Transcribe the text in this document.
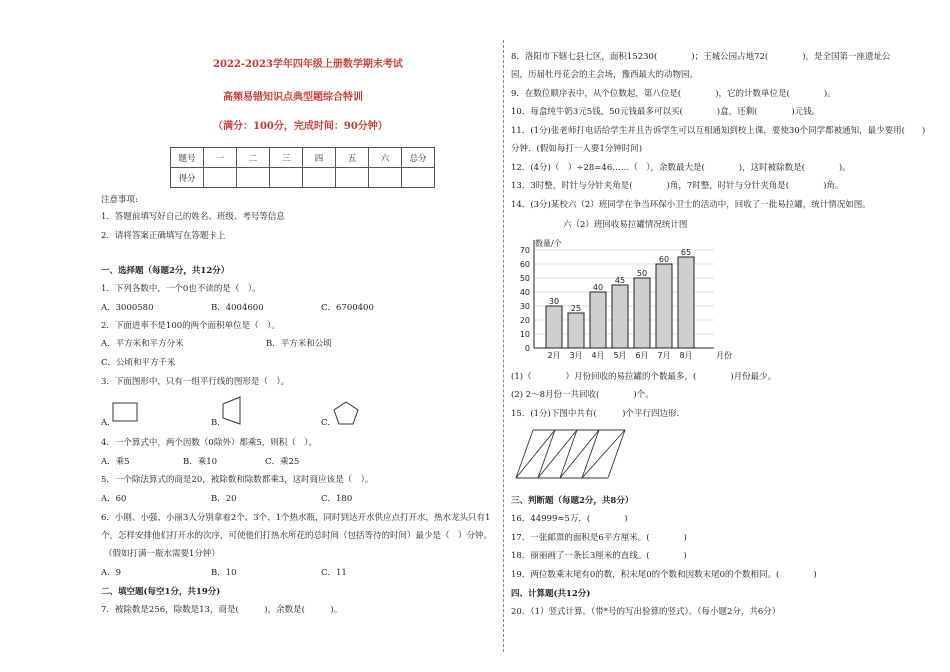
2022-2023学年四年级上册数学期末考试
高频易错知识点典型题综合特训
（满分：100分，完成时间：90分钟）
题号	一	二	三	四	五	六	总分
得分							
注意事项:
1．答题前填写好自己的姓名、班级、考号等信息
2．请将答案正确填写在答题卡上
一、选择题（每题2分，共12分）
1．下列各数中，一个0也不读的是（　）。
A．3000580	B．4004600	C．6700400
2．下面进率不是100的两个面积单位是（　）。
A．平方米和平方分米	B．平方米和公顷
C．公顷和平方千米
3．下面图形中，只有一组平行线的图形是（　）。
A．	B．	C．
4．一个算式中，两个因数（0除外）都乘5，则积（　）。
A．乘5	B．乘10	C．乘25
5．一个除法算式的商是20，被除数和除数都乘3，这时商应该是（　）。
A．60	B．20	C．180
6．小刚、小强、小丽3人分别拿着2个、3个、1个热水瓶，同时到达开水供应点打开水，热水龙头只有1
个，怎样安排他们打开水的次序，可使他们打热水所花的总时间（包括等待的时间）最少是（　）分钟。
（假如打满一瓶水需要1分钟）
A．9	B．10	C．11
二、填空题(每空1分，共19分)
7．被除数是256，除数是13，商是(　　　)，余数是(　　　)。
8．洛阳市下辖七县七区，面积15230(　　　　)；王城公园占地72(　　　　)，是全国第一座遗址公
园，历届牡丹花会的主会场，豫西最大的动物园。
9．在数位顺序表中，从个位数起，第八位是(　　　　)，它的计数单位是(　　　　)。
10．每盒纯牛奶3元5钱，50元钱最多可以买(　　　　)盒，还剩(　　　　)元钱。
11．(1分)张老师打电话给学生并且告诉学生可以互相通知到校上课，要使30个同学都被通知，最少要用(　　)
分钟．(假如每打一人要1分钟时间)
12．(4分)（　）÷28=46……（　），余数最大是(　　　　)，这时被除数是(　　　　)。
13．3时整，时针与分针夹角是(　　　　)角，7时整，时针与分针夹角是(　　　　)角。
14．(3分)某校六（2）班同学在争当环保小卫士的活动中，回收了一批易拉罐，统计情况如图。
六（2）班回收易拉罐情况统计图
0
10
20
30
40
50
60
70
数量/个
月份
30
2月
25
3月
40
4月
45
5月
50
6月
60
7月
65
8月
(1)（　　　　）月份回收的易拉罐的个数最多，(　　　　)月份最少。
(2) 2～8月份一共回收(　　　　)个。
15．(1分)下图中共有(　　　)个平行四边形.
三、判断题（每题2分，共8分）
16．44999≈5万．(　　　　)
17．一张邮票的面积是6平方厘米。(　　　　)
18．丽丽画了一条长3厘米的直线。(　　　　)
19．两位数乘末尾有0的数，积末尾0的个数和因数末尾0的个数相同。(　　　　)
四、计算题(共12分)
20．（1）竖式计算。（带*号的写出验算的竖式）。（每小题2分，共6分）
